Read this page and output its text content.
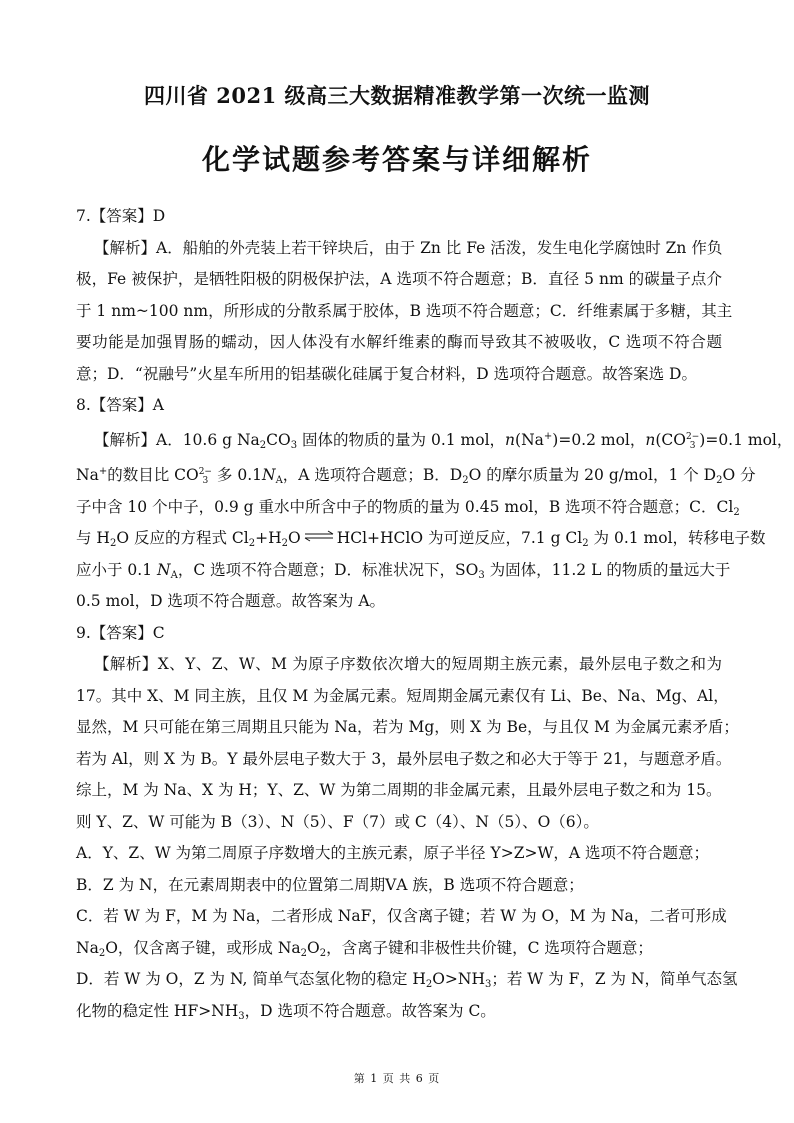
四川省 2021 级高三大数据精准教学第一次统一监测
化学试题参考答案与详细解析
7.【答案】D
【解析】A．船舶的外壳装上若干锌块后，由于 Zn 比 Fe 活泼，发生电化学腐蚀时 Zn 作负
极，Fe 被保护，是牺牲阳极的阴极保护法，A 选项不符合题意；B．直径 5 nm 的碳量子点介
于 1 nm~100 nm，所形成的分散系属于胶体，B 选项不符合题意；C．纤维素属于多糖，其主
要功能是加强胃肠的蠕动，因人体没有水解纤维素的酶而导致其不被吸收，C 选项不符合题
意；D．“祝融号”火星车所用的铝基碳化硅属于复合材料，D 选项符合题意。故答案选 D。
8.【答案】A
【解析】A．10.6 g $Na_2CO_3$ 固体的物质的量为 0.1 mol，n(Na+)=0.2 mol，n(CO 2−
3 )=0.1 mol，
Na+的数目比 CO 2−
3 多 $0.1N_A$，A 选项符合题意；B．$D_2O$ 的摩尔质量为 20 g/mol，1 个 $D_2O$ 分
子中含 10 个中子，0.9 g 重水中所含中子的物质的量为 0.45 mol，B 选项不符合题意；C．$Cl_2$
与 $H_2O$ 反应的方程式 $Cl_2+H_2O\rightleftharpoons HCl+HClO$ 为可逆反应，7.1 g $Cl_2$ 为 0.1 mol，转移电子数
应小于 0.1 $N_A$，C 选项不符合题意；D．标准状况下，$SO_3$ 为固体，11.2 L 的物质的量远大于
0.5 mol，D 选项不符合题意。故答案为 A。
9.【答案】C
【解析】X、Y、Z、W、M 为原子序数依次增大的短周期主族元素，最外层电子数之和为
17。其中 X、M 同主族，且仅 M 为金属元素。短周期金属元素仅有 Li、Be、Na、Mg、Al，
显然，M 只可能在第三周期且只能为 Na，若为 Mg，则 X 为 Be，与且仅 M 为金属元素矛盾；
若为 Al，则 X 为 B。Y 最外层电子数大于 3，最外层电子数之和必大于等于 21，与题意矛盾。
综上，M 为 Na、X 为 H；Y、Z、W 为第二周期的非金属元素，且最外层电子数之和为 15。
则 Y、Z、W 可能为 B（3）、N（5）、F（7）或 C（4）、N（5）、O（6）。
A．Y、Z、W 为第二周原子序数增大的主族元素，原子半径 Y>Z>W，A 选项不符合题意；
B．Z 为 N，在元素周期表中的位置第二周期ⅤA 族，B 选项不符合题意；
C．若 W 为 F，M 为 Na，二者形成 NaF，仅含离子键；若 W 为 O，M 为 Na，二者可形成
$Na_2O$，仅含离子键，或形成 $Na_2O_2$，含离子键和非极性共价键，C 选项符合题意；
D．若 W 为 O，Z 为 N, 简单气态氢化物的稳定 $H_2O>NH_3$；若 W 为 F，Z 为 N，简单气态氢
化物的稳定性 $HF>NH_3$，D 选项不符合题意。故答案为 C。
第 1 页 共 6 页
